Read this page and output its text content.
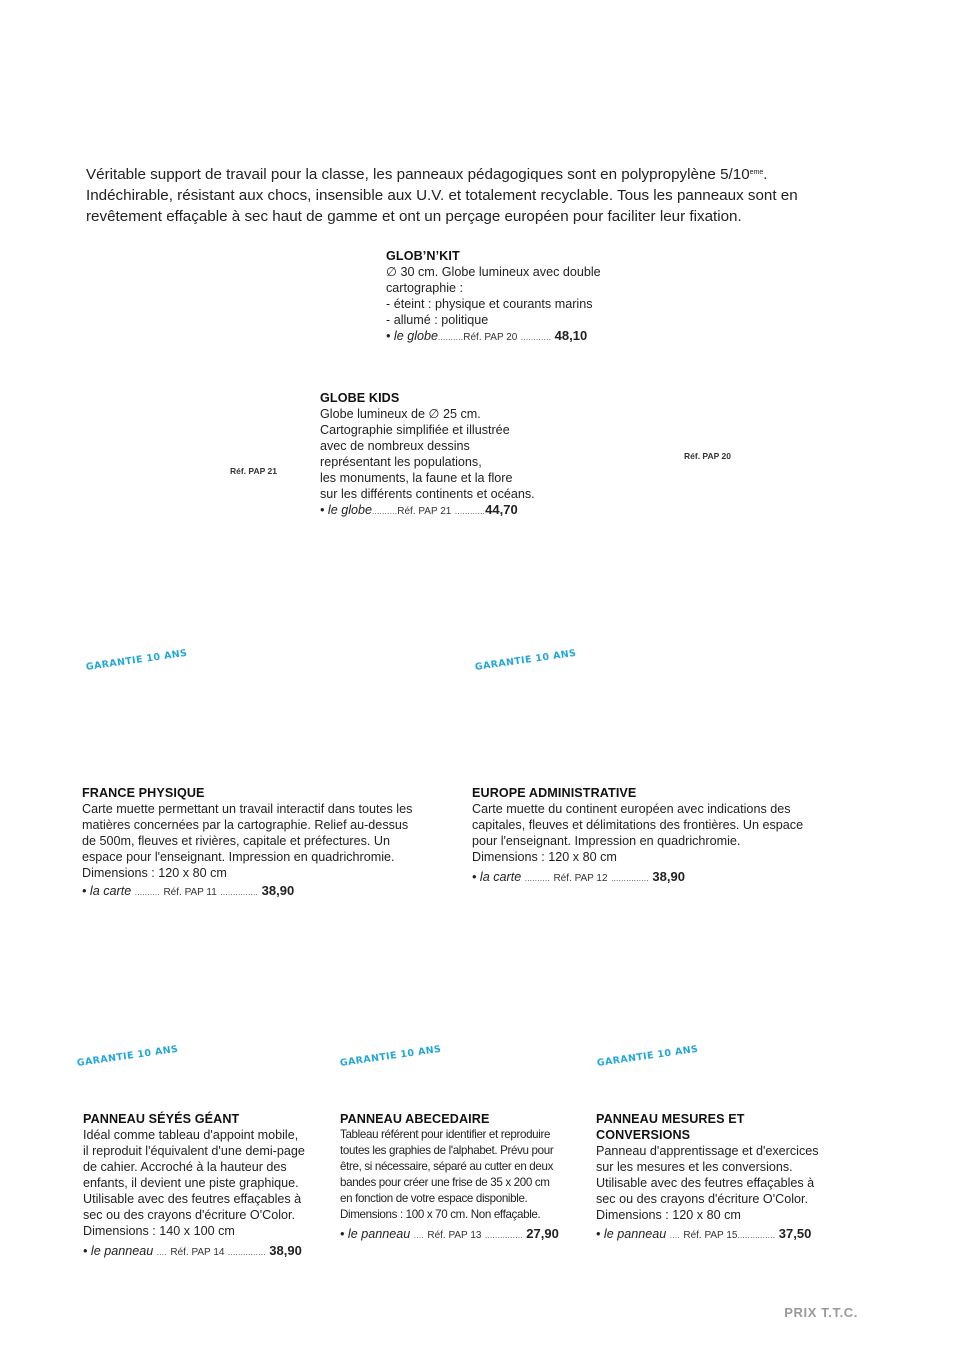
Véritable support de travail pour la classe, les panneaux pédagogiques sont en polypropylène 5/10eme. Indéchirable, résistant aux chocs, insensible aux U.V. et totalement recyclable. Tous les panneaux sont en revêtement effaçable à sec haut de gamme et ont un perçage européen pour faciliter leur fixation.
GLOB’N’KIT
∅ 30 cm. Globe lumineux avec double
cartographie :
- éteint : physique et courants marins
- allumé : politique
• le globe..........Réf. PAP 20 ............ 48,10
GLOBE KIDS
Globe lumineux de ∅ 25 cm.
Cartographie simplifiée et illustrée
avec de nombreux dessins
représentant les populations,
les monuments, la faune et la flore
sur les différents continents et océans.
• le globe..........Réf. PAP 21 ............44,70
Réf. PAP 21
Réf. PAP 20
GARANTIE 10 ANS	GARANTIE 10 ANS
GARANTIE 10 ANS	GARANTIE 10 ANS	GARANTIE 10 ANS
FRANCE PHYSIQUE
Carte muette permettant un travail interactif dans toutes les
matières concernées par la cartographie. Relief au-dessus
de 500m, fleuves et rivières, capitale et préfectures. Un
espace pour l'enseignant. Impression en quadrichromie.
Dimensions : 120 x 80 cm
• la carte .......... Réf. PAP 11 ............... 38,90
EUROPE ADMINISTRATIVE
Carte muette du continent européen avec indications des
capitales, fleuves et délimitations des frontières. Un espace
pour l'enseignant. Impression en quadrichromie.
Dimensions : 120 x 80 cm
• la carte .......... Réf. PAP 12 ............... 38,90
PANNEAU SÉYÉS GÉANT
Idéal comme tableau d'appoint mobile,
il reproduit l'équivalent d'une demi-page
de cahier. Accroché à la hauteur des
enfants, il devient une piste graphique.
Utilisable avec des feutres effaçables à
sec ou des crayons d'écriture O'Color.
Dimensions : 140 x 100 cm
• le panneau .... Réf. PAP 14 ............... 38,90
PANNEAU ABECEDAIRE
Tableau référent pour identifier et reproduire
toutes les graphies de l'alphabet. Prévu pour
être, si nécessaire, séparé au cutter en deux
bandes pour créer une frise de 35 x 200 cm
en fonction de votre espace disponible.
Dimensions : 100 x 70 cm. Non effaçable.
• le panneau .... Réf. PAP 13 ............... 27,90
PANNEAU MESURES ET
CONVERSIONS
Panneau d'apprentissage et d'exercices
sur les mesures et les conversions.
Utilisable avec des feutres effaçables à
sec ou des crayons d'écriture O'Color.
Dimensions : 120 x 80 cm
• le panneau .... Réf. PAP 15............... 37,50
PRIX T.T.C.
